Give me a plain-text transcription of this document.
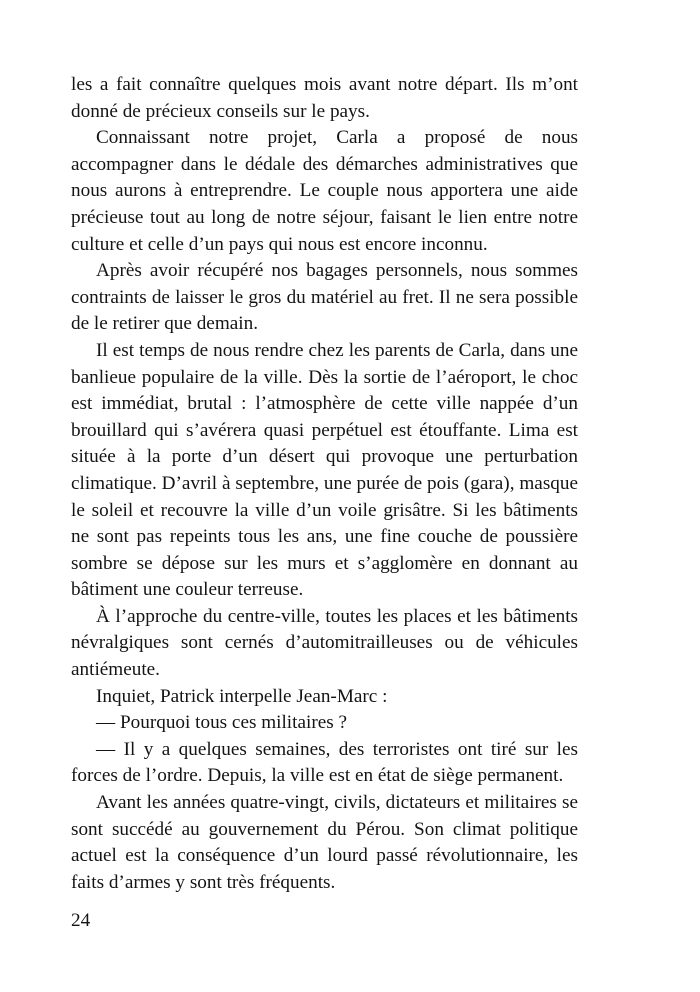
les a fait connaître quelques mois avant notre départ. Ils m’ont donné de précieux conseils sur le pays.

Connaissant notre projet, Carla a proposé de nous accompagner dans le dédale des démarches administratives que nous aurons à entreprendre. Le couple nous apportera une aide précieuse tout au long de notre séjour, faisant le lien entre notre culture et celle d’un pays qui nous est encore inconnu.

Après avoir récupéré nos bagages personnels, nous sommes contraints de laisser le gros du matériel au fret. Il ne sera possible de le retirer que demain.

Il est temps de nous rendre chez les parents de Carla, dans une banlieue populaire de la ville. Dès la sortie de l’aéroport, le choc est immédiat, brutal : l’atmosphère de cette ville nappée d’un brouillard qui s’avérera quasi perpétuel est étouffante. Lima est située à la porte d’un désert qui provoque une perturbation climatique. D’avril à septembre, une purée de pois (gara), masque le soleil et recouvre la ville d’un voile grisâtre. Si les bâtiments ne sont pas repeints tous les ans, une fine couche de poussière sombre se dépose sur les murs et s’agglomère en donnant au bâtiment une couleur terreuse.

À l’approche du centre-ville, toutes les places et les bâtiments névralgiques sont cernés d’automitrailleuses ou de véhicules antiémeute.

Inquiet, Patrick interpelle Jean-Marc :

— Pourquoi tous ces militaires ?

— Il y a quelques semaines, des terroristes ont tiré sur les forces de l’ordre. Depuis, la ville est en état de siège permanent.

Avant les années quatre-vingt, civils, dictateurs et militaires se sont succédé au gouvernement du Pérou. Son climat politique actuel est la conséquence d’un lourd passé révolutionnaire, les faits d’armes y sont très fréquents.

24
